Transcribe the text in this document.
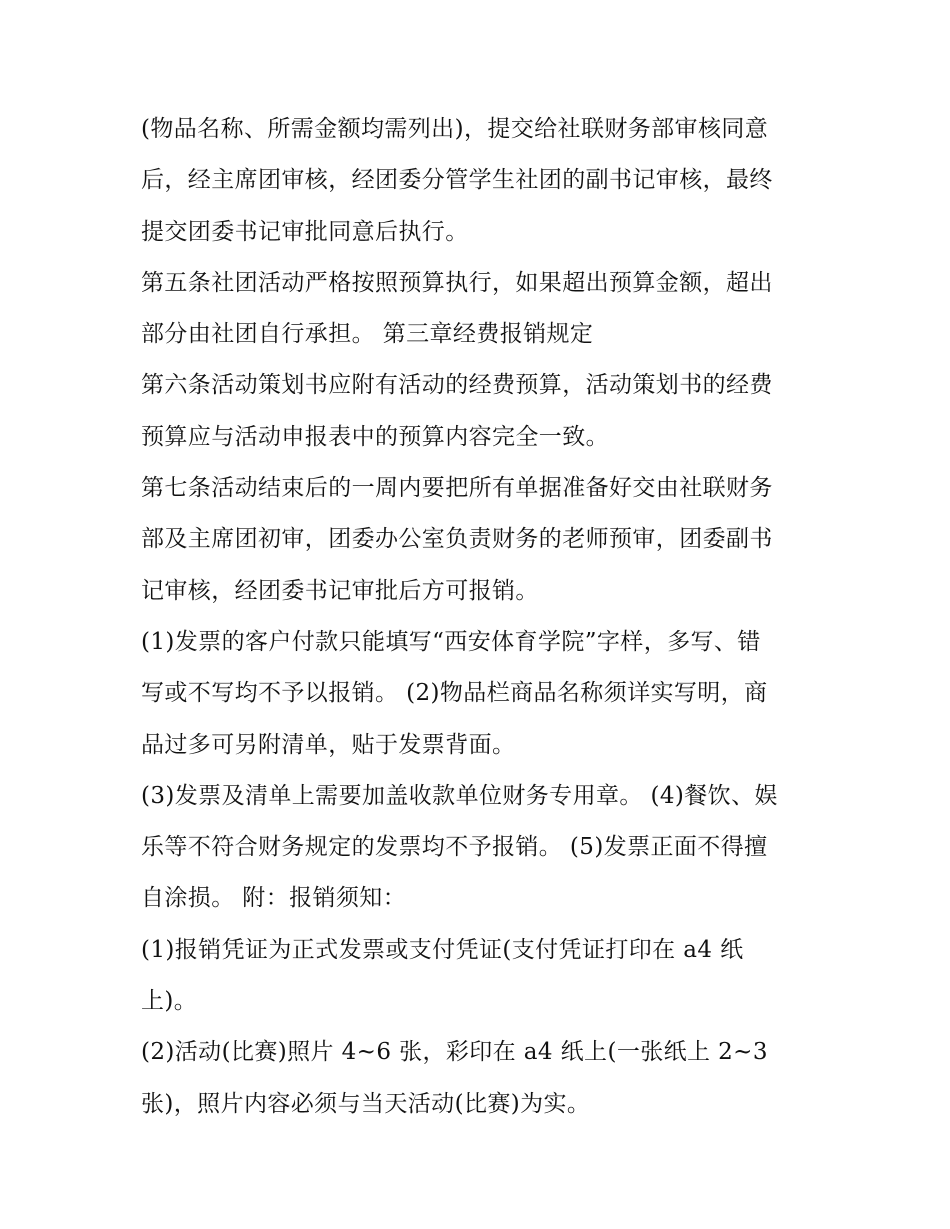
(物品名称、所需金额均需列出)，提交给社联财务部审核同意
后，经主席团审核，经团委分管学生社团的副书记审核，最终
提交团委书记审批同意后执行。
第五条社团活动严格按照预算执行，如果超出预算金额，超出
部分由社团自行承担。 第三章经费报销规定
第六条活动策划书应附有活动的经费预算，活动策划书的经费
预算应与活动申报表中的预算内容完全一致。
第七条活动结束后的一周内要把所有单据准备好交由社联财务
部及主席团初审，团委办公室负责财务的老师预审，团委副书
记审核，经团委书记审批后方可报销。
(1)发票的客户付款只能填写“西安体育学院”字样，多写、错
写或不写均不予以报销。 (2)物品栏商品名称须详实写明，商
品过多可另附清单，贴于发票背面。
(3)发票及清单上需要加盖收款单位财务专用章。 (4)餐饮、娱
乐等不符合财务规定的发票均不予报销。 (5)发票正面不得擅
自涂损。 附：报销须知：
(1)报销凭证为正式发票或支付凭证(支付凭证打印在 a4 纸
上)。
(2)活动(比赛)照片 4~6 张，彩印在 a4 纸上(一张纸上 2~3
张)，照片内容必须与当天活动(比赛)为实。
